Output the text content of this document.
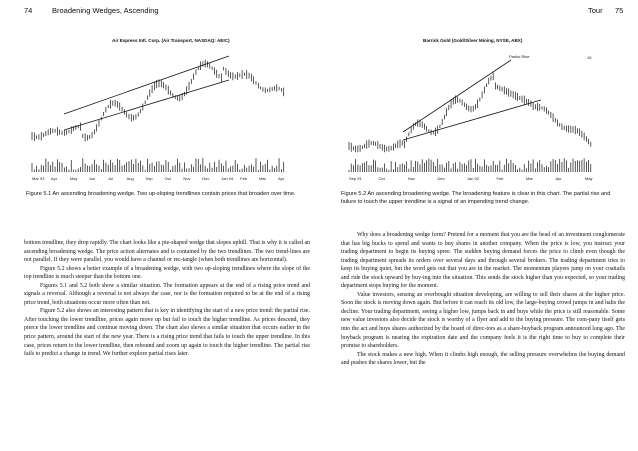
74	Broadening Wedges, Ascending
Air Express Intl. Corp. (Air Transport, NASDAQ: AEIC)
Mar 93 Apr	May	Jun	Jul	Aug	Sep	Oct	Nov	Dec	Jan 94 Feb	Mar	Apr
Figure 5.1 An ascending broadening wedge. Two up-sloping trendlines contain prices that broaden over time.

bottom trendline, they drop rapidly. The chart looks like a pie-shaped wedge that slopes uphill. That is why it is called an ascending broadening wedge. The price action alternates and is contained by the two trendlines. The two trend-lines are not parallel. If they were parallel, you would have a channel or rec-tangle (when both trendlines are horizontal).

Figure 5.2 shows a better example of a broadening wedge, with two up-sloping trendlines where the slope of the top trendline is much steeper than the bottom one.

Figures 5.1 and 5.2 both show a similar situation. The formation appears at the end of a rising price trend and signals a reversal. Although a reversal is not always the case, nor is the formation required to be at the end of a rising price trend, both situations occur more often than not.

Figure 5.2 also shows an interesting pattern that is key in identifying the start of a new price trend: the partial rise. After touching the lower trendline, prices again move up but fail to touch the higher trendline. As prices descend, they pierce the lower trendline and continue moving down. The chart also shows a similar situation that occurs earlier in the price pattern, around the start of the new year. There is a rising price trend that fails to touch the upper trendline. In this case, prices return to the lower trendline, then rebound and zoom up again to touch the higher trendline. The partial rise fails to predict a change in trend. We further explore partial rises later.

Tour 75
Barrick Gold (Gold/Silver Mining, NYSE, ABX)
Partial Rise	15
Sep 91	Oct	Nov	Dec	Jan 92	Feb	Mar	Apr	May
Figure 5.2 An ascending broadening wedge. The broadening feature is clear in this chart. The partial rise and failure to touch the upper trendline is a signal of an impending trend change.

Why does a broadening wedge form? Pretend for a moment that you are the head of an investment conglomerate that has big bucks to spend and wants to buy shares in another company. When the price is low, you instruct your trading department to begin its buying spree. The sudden buying demand forces the price to climb even though the trading department spreads its orders over several days and through several brokers. The trading department tries to keep its buying quiet, but the word gets out that you are in the market. The momentum players jump on your coattails and ride the stock upward by buy-ing into the situation. This sends the stock higher than you expected, so your trading department stops buying for the moment.

Value investors, sensing an overbought situation developing, are willing to sell their shares at the higher price. Soon the stock is moving down again. But before it can reach its old low, the large-buying crowd jumps in and halts the decline. Your trading department, seeing a higher low, jumps back in and buys while the price is still reasonable. Some new value investors also decide the stock is worthy of a flyer and add to the buying pressure. The com-pany itself gets into the act and buys shares authorized by the board of direc-tors as a share-buyback program announced long ago. The buyback program is nearing the expiration date and the company feels it is the right time to buy to complete their promise to shareholders.

The stock makes a new high. When it climbs high enough, the selling pressure overwhelms the buying demand and pushes the shares lower, but the
